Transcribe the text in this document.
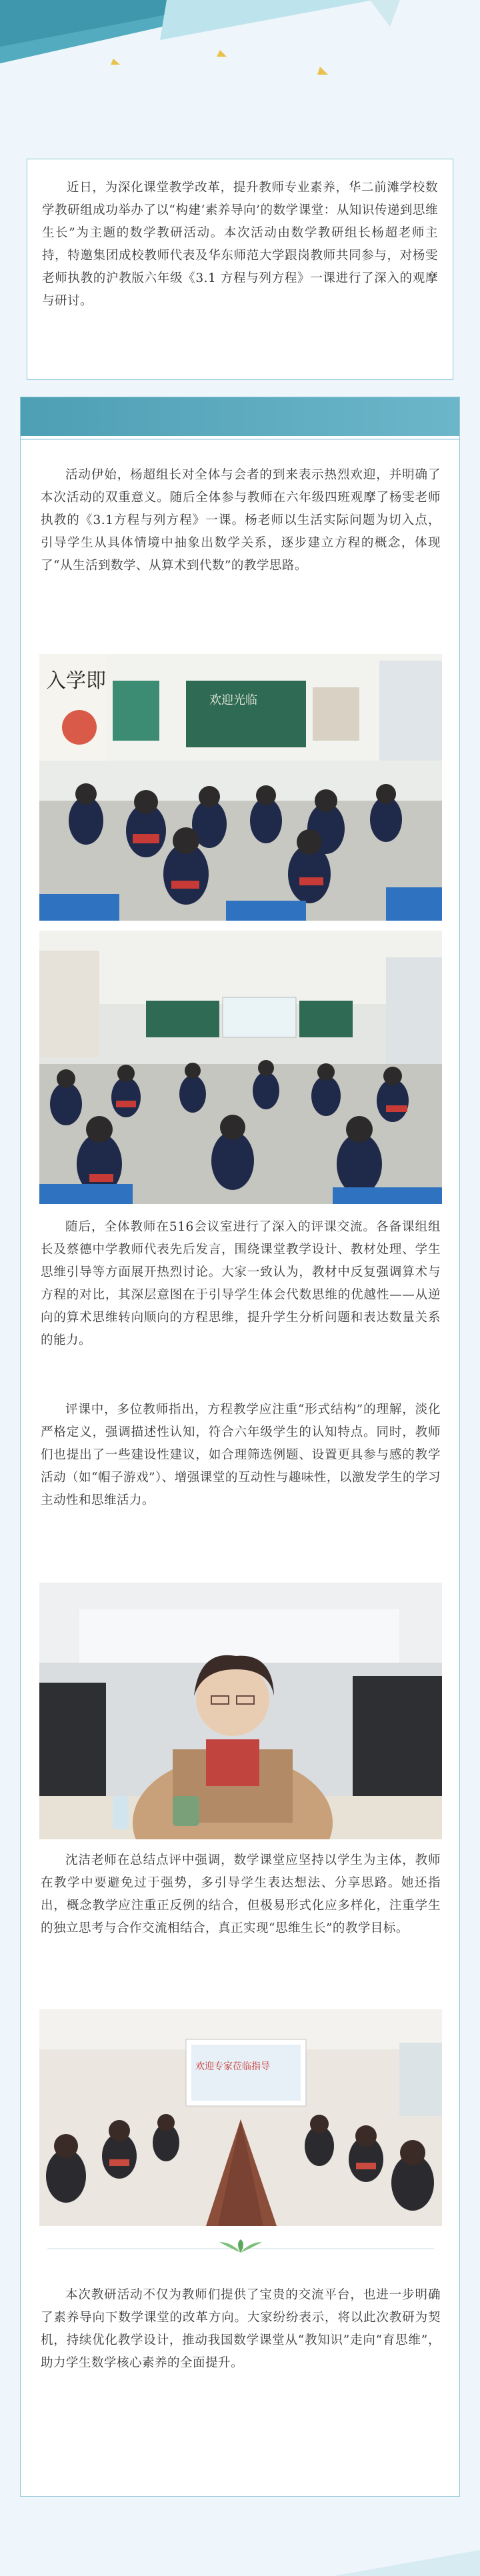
近日，为深化课堂教学改革，提升教师专业素养，华二前滩学校数学教研组成功举办了以“构建‘素养导向’的数学课堂：从知识传递到思维生长”为主题的数学教研活动。本次活动由数学教研组长杨超老师主持，特邀集团成校教师代表及华东师范大学跟岗教师共同参与，对杨雯老师执教的沪教版六年级《3.1 方程与列方程》一课进行了深入的观摩与研讨。

活动伊始，杨超组长对全体与会者的到来表示热烈欢迎，并明确了本次活动的双重意义。随后全体参与教师在六年级四班观摩了杨雯老师执教的《3.1方程与列方程》一课。杨老师以生活实际问题为切入点，引导学生从具体情境中抽象出数学关系，逐步建立方程的概念，体现了“从生活到数学、从算术到代数”的教学思路。

入学即
欢迎光临

随后，全体教师在516会议室进行了深入的评课交流。各备课组组长及蔡德中学教师代表先后发言，围绕课堂教学设计、教材处理、学生思维引导等方面展开热烈讨论。大家一致认为，教材中反复强调算术与方程的对比，其深层意图在于引导学生体会代数思维的优越性——从逆向的算术思维转向顺向的方程思维，提升学生分析问题和表达数量关系的能力。

评课中，多位教师指出，方程教学应注重“形式结构”的理解，淡化严格定义，强调描述性认知，符合六年级学生的认知特点。同时，教师们也提出了一些建设性建议，如合理筛选例题、设置更具参与感的教学活动（如“帽子游戏”）、增强课堂的互动性与趣味性，以激发学生的学习主动性和思维活力。

沈洁老师在总结点评中强调，数学课堂应坚持以学生为主体，教师在教学中要避免过于强势，多引导学生表达想法、分享思路。她还指出，概念教学应注重正反例的结合，但极易形式化应多样化，注重学生的独立思考与合作交流相结合，真正实现“思维生长”的教学目标。

欢迎专家莅临指导

本次教研活动不仅为教师们提供了宝贵的交流平台，也进一步明确了素养导向下数学课堂的改革方向。大家纷纷表示，将以此次教研为契机，持续优化教学设计，推动我国数学课堂从“教知识”走向“育思维”，助力学生数学核心素养的全面提升。
